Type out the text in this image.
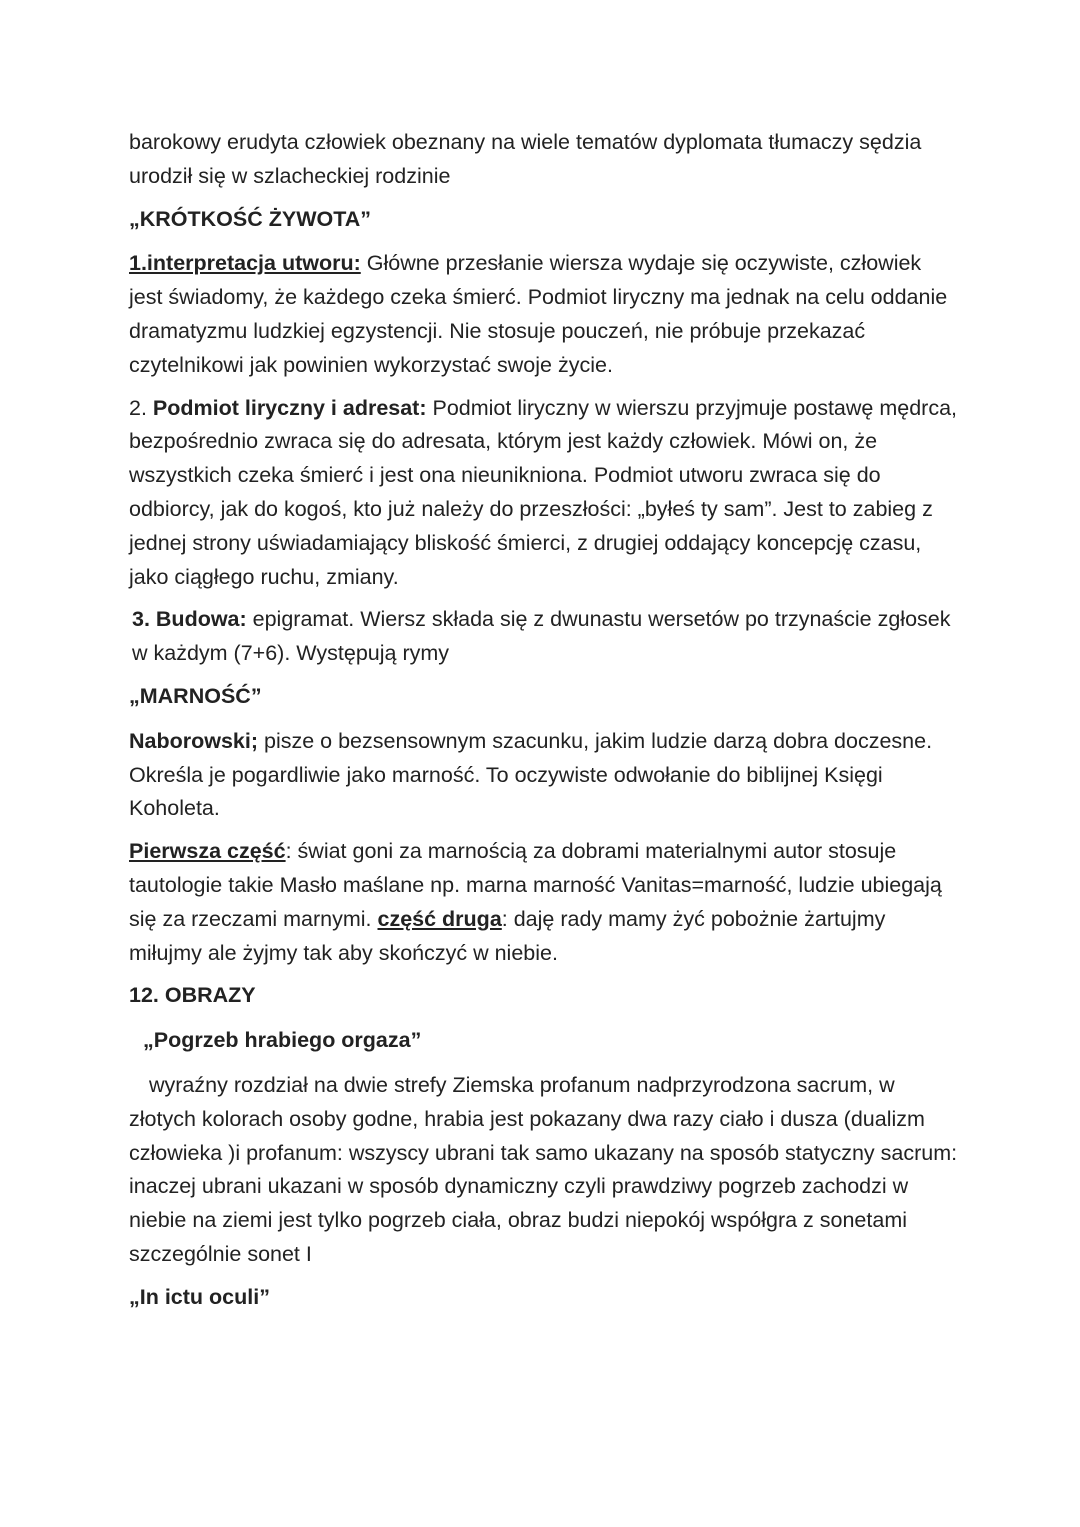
barokowy erudyta człowiek obeznany na wiele tematów dyplomata tłumaczy sędzia urodził się w szlacheckiej rodzinie

„KRÓTKOŚĆ ŻYWOTA”

1.interpretacja utworu: Główne przesłanie wiersza wydaje się oczywiste, człowiek jest świadomy, że każdego czeka śmierć. Podmiot liryczny ma jednak na celu oddanie dramatyzmu ludzkiej egzystencji. Nie stosuje pouczeń, nie próbuje przekazać czytelnikowi jak powinien wykorzystać swoje życie.

2. Podmiot liryczny i adresat: Podmiot liryczny w wierszu przyjmuje postawę mędrca, bezpośrednio zwraca się do adresata, którym jest każdy człowiek. Mówi on, że wszystkich czeka śmierć i jest ona nieunikniona. Podmiot utworu zwraca się do odbiorcy, jak do kogoś, kto już należy do przeszłości: „byłeś ty sam”. Jest to zabieg z jednej strony uświadamiający bliskość śmierci, z drugiej oddający koncepcję czasu, jako ciągłego ruchu, zmiany.

3. Budowa: epigramat. Wiersz składa się z dwunastu wersetów po trzynaście zgłosek w każdym (7+6). Występują rymy

„MARNOŚĆ”

Naborowski; pisze o bezsensownym szacunku, jakim ludzie darzą dobra doczesne. Określa je pogardliwie jako marność. To oczywiste odwołanie do biblijnej Księgi Koholeta.

Pierwsza część: świat goni za marnością za dobrami materialnymi autor stosuje tautologie takie Masło maślane np. marna marność Vanitas=marność, ludzie ubiegają się za rzeczami marnymi. część druga: daję rady mamy żyć pobożnie żartujmy miłujmy ale żyjmy tak aby skończyć w niebie.

12. OBRAZY

„Pogrzeb hrabiego orgaza”

wyraźny rozdział na dwie strefy Ziemska profanum nadprzyrodzona sacrum, w złotych kolorach osoby godne, hrabia jest pokazany dwa razy ciało i dusza (dualizm człowieka )i profanum: wszyscy ubrani tak samo ukazany na sposób statyczny sacrum: inaczej ubrani ukazani w sposób dynamiczny czyli prawdziwy pogrzeb zachodzi w niebie na ziemi jest tylko pogrzeb ciała, obraz budzi niepokój współgra z sonetami szczególnie sonet I

„In ictu oculi”
